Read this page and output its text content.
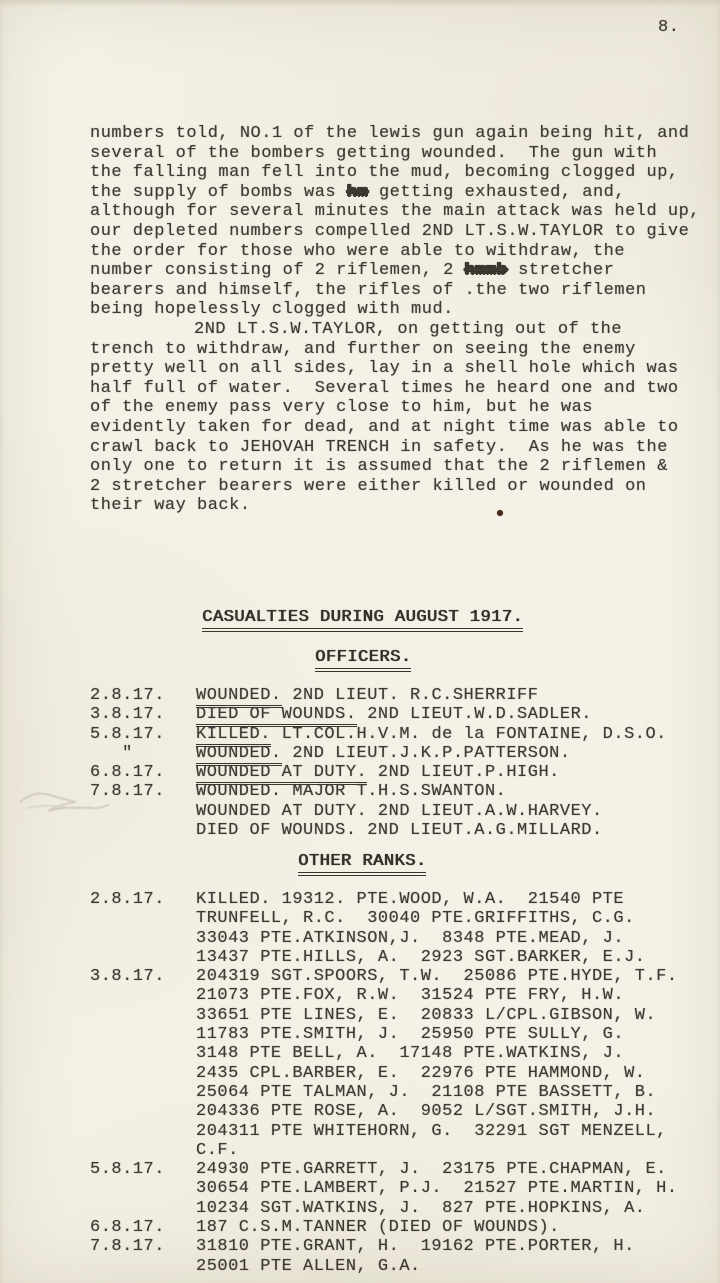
8.
numbers told, NO.1 of the lewis gun again being hit, and
several of the bombers getting wounded.  The gun with
the falling man fell into the mud, becoming clogged up,
the supply of bombs was hm getting exhausted, and,
although for several minutes the main attack was held up,
our depleted numbers compelled 2ND LT.S.W.TAYLOR to give
the order for those who were able to withdraw, the
number consisting of 2 riflemen, 2 hmmb stretcher
bearers and himself, the rifles of .the two riflemen
being hopelessly clogged with mud.
2ND LT.S.W.TAYLOR, on getting out of the
trench to withdraw, and further on seeing the enemy
pretty well on all sides, lay in a shell hole which was
half full of water.  Several times he heard one and two
of the enemy pass very close to him, but he was
evidently taken for dead, and at night time was able to
crawl back to JEHOVAH TRENCH in safety.  As he was the
only one to return it is assumed that the 2 riflemen &
2 stretcher bearers were either killed or wounded on
their way back.
CASUALTIES DURING AUGUST 1917.
OFFICERS.
2.8.17.	WOUNDED. 2ND LIEUT. R.C.SHERRIFF
3.8.17.	DIED OF WOUNDS. 2ND LIEUT.W.D.SADLER.
5.8.17.	KILLED. LT.COL.H.V.M. de la FONTAINE, D.S.O.
"	WOUNDED. 2ND LIEUT.J.K.P.PATTERSON.
6.8.17.	WOUNDED AT DUTY. 2ND LIEUT.P.HIGH.
7.8.17.	WOUNDED. MAJOR T.H.S.SWANTON.
WOUNDED AT DUTY. 2ND LIEUT.A.W.HARVEY.
DIED OF WOUNDS. 2ND LIEUT.A.G.MILLARD.
OTHER RANKS.
2.8.17.	KILLED. 19312. PTE.WOOD, W.A.  21540 PTE
TRUNFELL, R.C.  30040 PTE.GRIFFITHS, C.G.
33043 PTE.ATKINSON,J.  8348 PTE.MEAD, J.
13437 PTE.HILLS, A.  2923 SGT.BARKER, E.J.
3.8.17.	204319 SGT.SPOORS, T.W.  25086 PTE.HYDE, T.F.
21073 PTE.FOX, R.W.  31524 PTE FRY, H.W.
33651 PTE LINES, E.  20833 L/CPL.GIBSON, W.
11783 PTE.SMITH, J.  25950 PTE SULLY, G.
3148 PTE BELL, A.  17148 PTE.WATKINS, J.
2435 CPL.BARBER, E.  22976 PTE HAMMOND, W.
25064 PTE TALMAN, J.  21108 PTE BASSETT, B.
204336 PTE ROSE, A.  9052 L/SGT.SMITH, J.H.
204311 PTE WHITEHORN, G.  32291 SGT MENZELL,
C.F.
5.8.17.	24930 PTE.GARRETT, J.  23175 PTE.CHAPMAN, E.
30654 PTE.LAMBERT, P.J.  21527 PTE.MARTIN, H.
10234 SGT.WATKINS, J.  827 PTE.HOPKINS, A.
6.8.17.	187 C.S.M.TANNER (DIED OF WOUNDS).
7.8.17.	31810 PTE.GRANT, H.  19162 PTE.PORTER, H.
25001 PTE ALLEN, G.A.
